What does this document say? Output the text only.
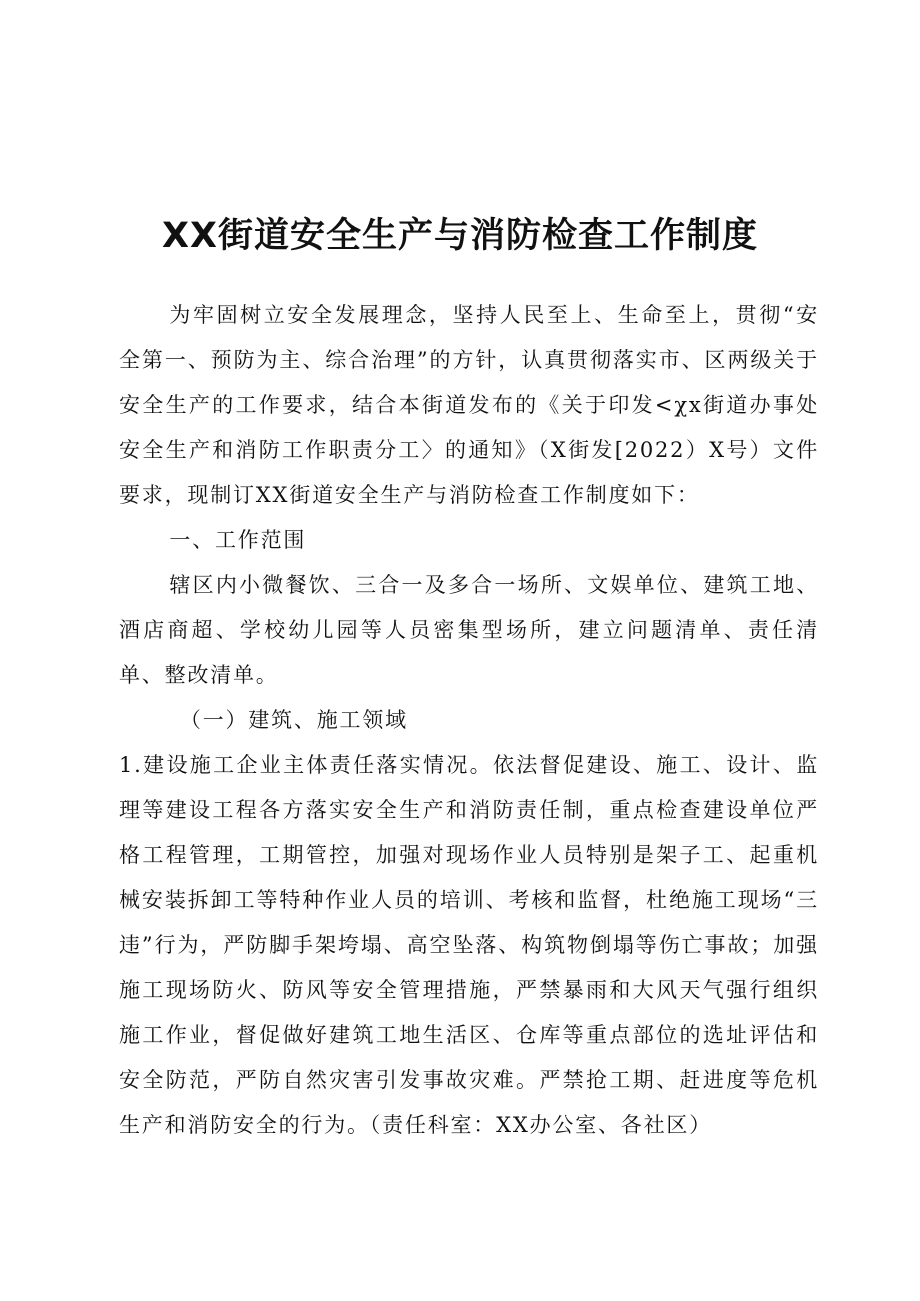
XX街道安全生产与消防检查工作制度

为牢固树立安全发展理念，坚持人民至上、生命至上，贯彻“安全第一、预防为主、综合治理”的方针，认真贯彻落实市、区两级关于安全生产的工作要求，结合本街道发布的《关于印发<χx街道办事处安全生产和消防工作职责分工〉的通知》（X街发[2022）X号）文件要求，现制订XX街道安全生产与消防检查工作制度如下：

一、工作范围

辖区内小微餐饮、三合一及多合一场所、文娱单位、建筑工地、酒店商超、学校幼儿园等人员密集型场所，建立问题清单、责任清单、整改清单。

（一）建筑、施工领域

1.建设施工企业主体责任落实情况。依法督促建设、施工、设计、监理等建设工程各方落实安全生产和消防责任制，重点检查建设单位严格工程管理，工期管控，加强对现场作业人员特别是架子工、起重机械安装拆卸工等特种作业人员的培训、考核和监督，杜绝施工现场“三违”行为，严防脚手架垮塌、高空坠落、构筑物倒塌等伤亡事故；加强施工现场防火、防风等安全管理措施，严禁暴雨和大风天气强行组织施工作业，督促做好建筑工地生活区、仓库等重点部位的选址评估和安全防范，严防自然灾害引发事故灾难。严禁抢工期、赶进度等危机生产和消防安全的行为。（责任科室：XX办公室、各社区）
